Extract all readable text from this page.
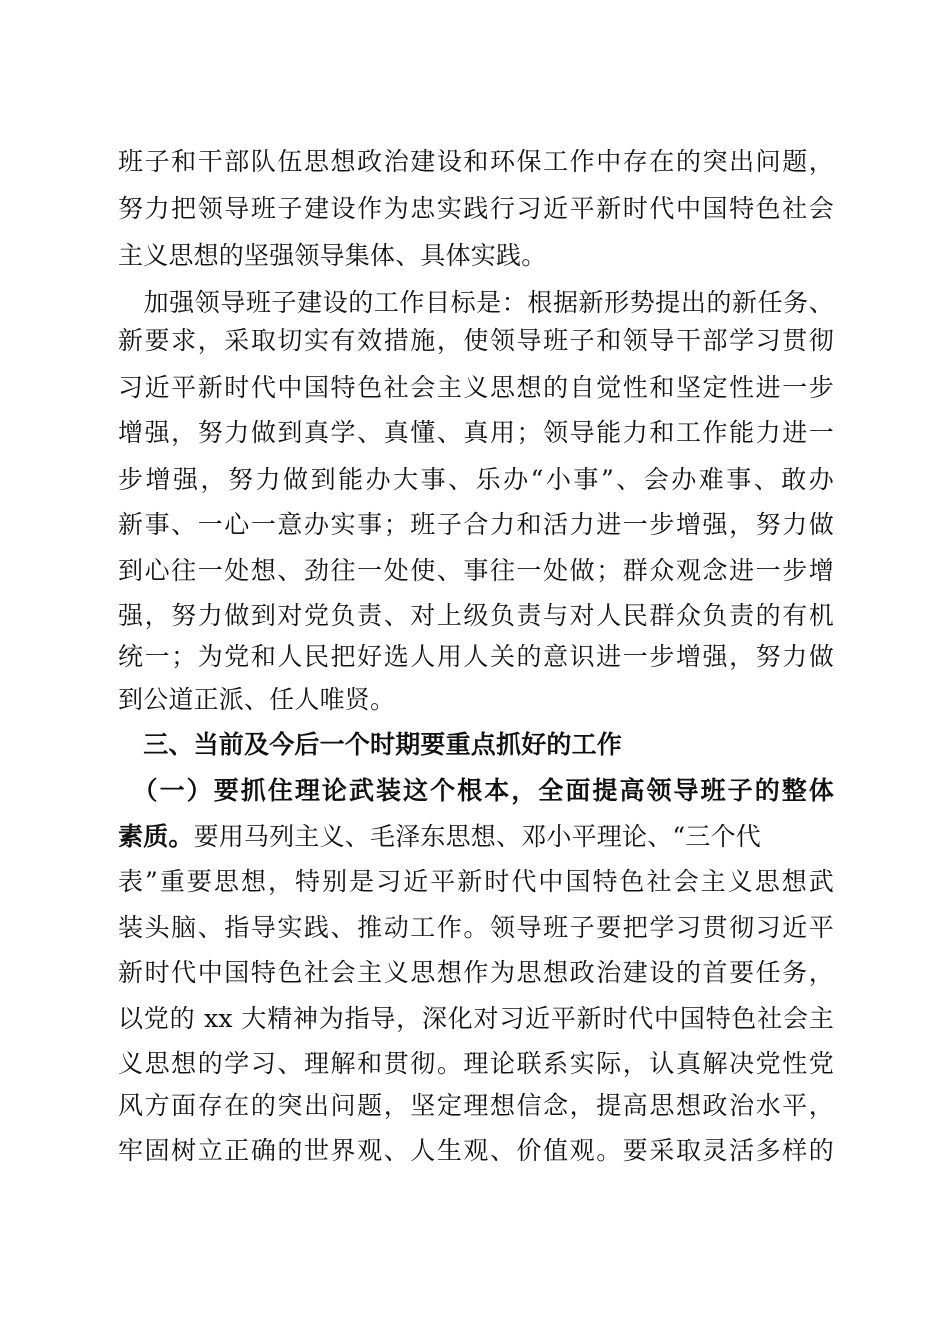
班子和干部队伍思想政治建设和环保工作中存在的突出问题，
努力把领导班子建设作为忠实践行习近平新时代中国特色社会
主义思想的坚强领导集体、具体实践。
　加强领导班子建设的工作目标是：根据新形势提出的新任务、
新要求，采取切实有效措施，使领导班子和领导干部学习贯彻
习近平新时代中国特色社会主义思想的自觉性和坚定性进一步
增强，努力做到真学、真懂、真用；领导能力和工作能力进一
步增强，努力做到能办大事、乐办“小事”、会办难事、敢办
新事、一心一意办实事；班子合力和活力进一步增强，努力做
到心往一处想、劲往一处使、事往一处做；群众观念进一步增
强，努力做到对党负责、对上级负责与对人民群众负责的有机
统一；为党和人民把好选人用人关的意识进一步增强，努力做
到公道正派、任人唯贤。
　三、当前及今后一个时期要重点抓好的工作
　（一）要抓住理论武装这个根本，全面提高领导班子的整体
素质。要用马列主义、毛泽东思想、邓小平理论、“三个代
表”重要思想，特别是习近平新时代中国特色社会主义思想武
装头脑、指导实践、推动工作。领导班子要把学习贯彻习近平
新时代中国特色社会主义思想作为思想政治建设的首要任务，
以党的 xx 大精神为指导，深化对习近平新时代中国特色社会主
义思想的学习、理解和贯彻。理论联系实际，认真解决党性党
风方面存在的突出问题，坚定理想信念，提高思想政治水平，
牢固树立正确的世界观、人生观、价值观。要采取灵活多样的
